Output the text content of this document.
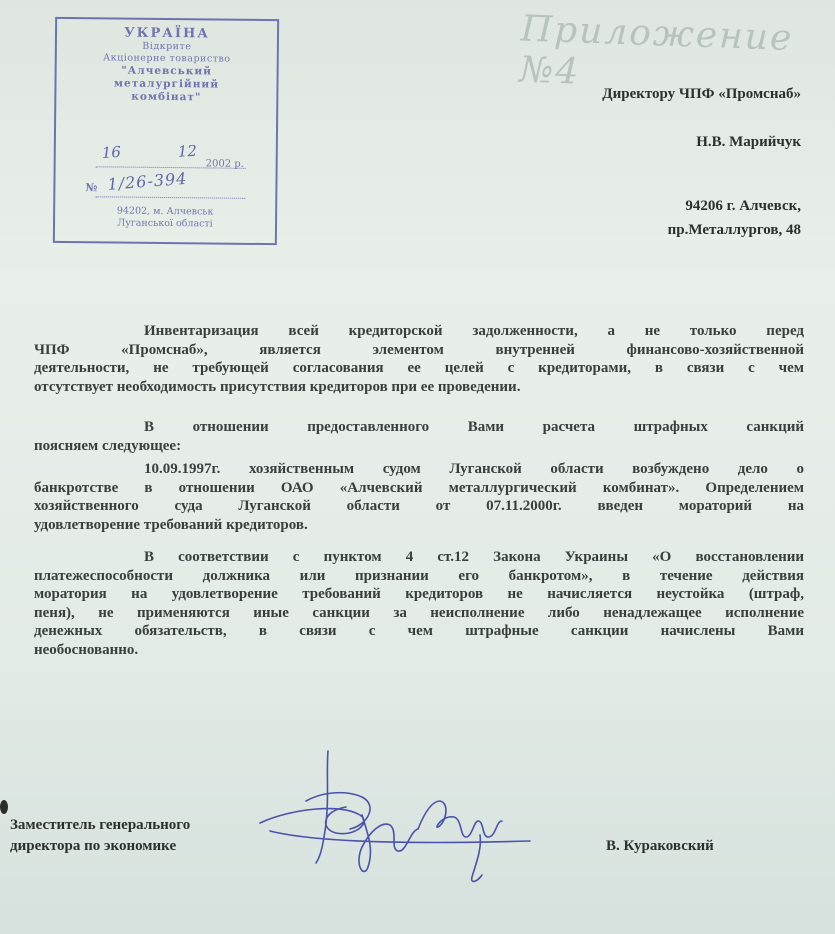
УКРАЇНА
Відкрите
Акціонерне товариство
"Алчевський
металургійний
комбінат"
16	12
2002 р.
№ 1/26-394
94202, м. Алчевськ
Луганської області
Приложение №4
Директору ЧПФ «Промснаб»
Н.В. Марийчук
94206 г. Алчевск,
пр.Металлургов, 48
Инвентаризация всей кредиторской задолженности, а не только перед
ЧПФ «Промснаб», является элементом внутренней финансово-хозяйственной
деятельности, не требующей согласования ее целей с кредиторами, в связи с чем
отсутствует необходимость присутствия кредиторов при ее проведении.
В отношении предоставленного Вами расчета штрафных санкций
поясняем следующее:
10.09.1997г. хозяйственным судом Луганской области возбуждено дело о
банкротстве в отношении ОАО «Алчевский металлургический комбинат». Определением
хозяйственного суда Луганской области от 07.11.2000г. введен мораторий на
удовлетворение требований кредиторов.
В соответствии с пунктом 4 ст.12 Закона Украины «О восстановлении
платежеспособности должника или признании его банкротом», в течение действия
моратория на удовлетворение требований кредиторов не начисляется неустойка (штраф,
пеня), не применяются иные санкции за неисполнение либо ненадлежащее исполнение
денежных обязательств, в связи с чем штрафные санкции начислены Вами
необоснованно.
Заместитель генерального
директора по экономике	В. Кураковский
